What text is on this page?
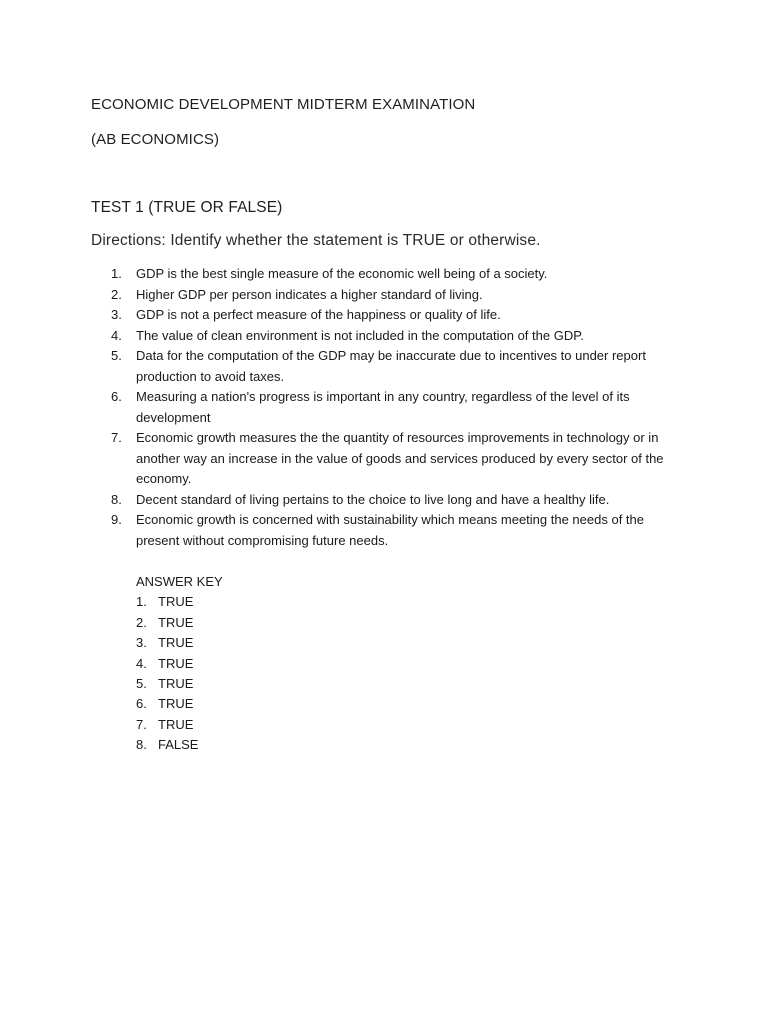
ECONOMIC DEVELOPMENT MIDTERM EXAMINATION
(AB ECONOMICS)
TEST 1 (TRUE OR FALSE)
Directions: Identify whether the statement is TRUE or otherwise.
1.	GDP is the best single measure of the economic well being of a society.
2.	Higher GDP per person indicates a higher standard of living.
3.	GDP is not a perfect measure of the happiness or quality of life.
4.	The value of clean environment is not included in the computation of the GDP.
5.	Data for the computation of the GDP may be inaccurate due to incentives to under report production to avoid taxes.
6.	Measuring a nation's progress is important in any country, regardless of the level of its development
7.	Economic growth measures the the quantity of resources improvements in technology or in another way an increase in the value of goods and services produced by every sector of the economy.
8.	Decent standard of living pertains to the choice to live long and have a healthy life.
9.	Economic growth is concerned with sustainability which means meeting the needs of the present without compromising future needs.
ANSWER KEY
1. TRUE
2. TRUE
3. TRUE
4. TRUE
5. TRUE
6. TRUE
7. TRUE
8. FALSE
